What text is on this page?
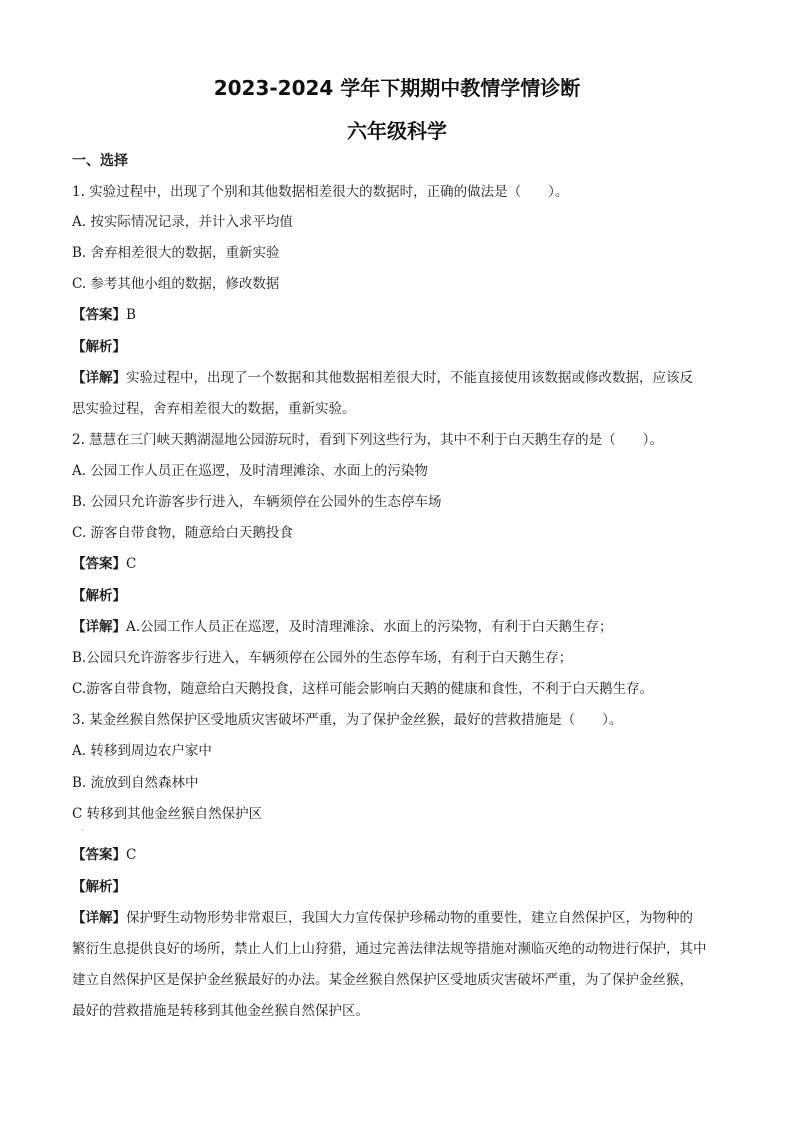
2023-2024 学年下期期中教情学情诊断
六年级科学
一、选择
1. 实验过程中，出现了个别和其他数据相差很大的数据时，正确的做法是（　　）。
A. 按实际情况记录，并计入求平均值
B. 舍弃相差很大的数据，重新实验
C. 参考其他小组的数据，修改数据
【答案】B
【解析】
【详解】实验过程中，出现了一个数据和其他数据相差很大时，不能直接使用该数据或修改数据，应该反
思实验过程，舍弃相差很大的数据，重新实验。
2. 慧慧在三门峡天鹅湖湿地公园游玩时，看到下列这些行为，其中不利于白天鹅生存的是（　　）。
A. 公园工作人员正在巡逻，及时清理滩涂、水面上的污染物
B. 公园只允许游客步行进入，车辆须停在公园外的生态停车场
C. 游客自带食物，随意给白天鹅投食
【答案】C
【解析】
【详解】A.公园工作人员正在巡逻，及时清理滩涂、水面上的污染物，有利于白天鹅生存；
B.公园只允许游客步行进入，车辆须停在公园外的生态停车场，有利于白天鹅生存；
C.游客自带食物，随意给白天鹅投食，这样可能会影响白天鹅的健康和食性，不利于白天鹅生存。
3. 某金丝猴自然保护区受地质灾害破坏严重，为了保护金丝猴，最好的营救措施是（　　）。
A. 转移到周边农户家中
B. 流放到自然森林中
C 转移到其他金丝猴自然保护区
·
【答案】C
【解析】
【详解】保护野生动物形势非常艰巨，我国大力宣传保护珍稀动物的重要性，建立自然保护区，为物种的
繁衍生息提供良好的场所，禁止人们上山狩猎，通过完善法律法规等措施对濒临灭绝的动物进行保护，其中
建立自然保护区是保护金丝猴最好的办法。某金丝猴自然保护区受地质灾害破坏严重，为了保护金丝猴，
最好的营救措施是转移到其他金丝猴自然保护区。
